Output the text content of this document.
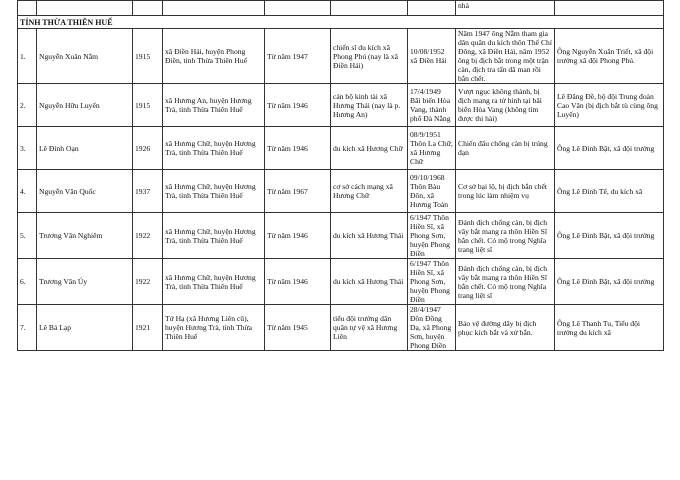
							nhà	
TỈNH THỪA THIÊN HUẾ								
1.	Nguyễn Xuân Nẫm	1915	xã Điền Hải, huyện Phong Điền, tỉnh Thừa Thiên Huế	Từ năm 1947	chiến sĩ du kích xã Phong Phú (nay là xã Điền Hải)	10/08/1952 xã Điền Hải	Năm 1947 ông Nẫm tham gia dân quân du kích thôn Thế Chí Đông, xã Điền Hải, năm 1952 ông bị địch bắt trong một trận càn, địch tra tấn dã man rồi bắn chết.	Ông Nguyễn Xuân Triết, xã đội trưởng xã đội Phong Phú.
2.	Nguyễn Hữu Luyến	1915	xã Hương An, huyện Hương Trà, tỉnh Thừa Thiên Huế	Từ năm 1946	cán bộ kinh tài xã Hương Thái (nay là p. Hương An)	17/4/1949 Bãi biển Hòa Vang, thành phố Đà Nẵng	Vượt ngục không thành, bị địch mang ra tử hình tại bãi biển Hòa Vang (không tìm được thi hài)	Lê Đăng Đề, bộ đội Trung đoàn Cao Vân (bị địch bắt tù cùng ông Luyến)
3.	Lê Đình Oạn	1926	xã Hương Chữ, huyện Hương Trà, tỉnh Thừa Thiên Huế	Từ năm 1946	du kích xã Hương Chữ	08/9/1951 Thôn La Chữ, xã Hương Chữ	Chiến đấu chống càn bị trúng đạn	Ông Lê Đình Bật, xã đội trưởng
4.	Nguyễn Văn Quốc	1937	xã Hương Chữ, huyện Hương Trà, tỉnh Thừa Thiên Huế	Từ năm 1967	cơ sở cách mạng xã Hương Chữ	09/10/1968 Thôn Bàu Đôn, xã Hương Toàn	Cơ sở bại lộ, bị địch bắn chết trong lúc làm nhiệm vụ	Ông Lê Đình Tể, du kích xã
5.	Trương Văn Nghiêm	1922	xã Hương Chữ, huyện Hương Trà, tỉnh Thừa Thiên Huế	Từ năm 1946	du kích xã Hương Thái	6/1947 Thôn Hiền Sĩ, xã Phong Sơn, huyện Phong Điền	Đánh địch chống càn, bị địch vây bắt mang ra thôn Hiền Sĩ bắn chết. Có mộ trong Nghĩa trang liệt sĩ	Ông Lê Đình Bật, xã đội trưởng
6.	Trương Văn Úy	1922	xã Hương Chữ, huyện Hương Trà, tỉnh Thừa Thiên Huế	Từ năm 1946	du kích xã Hương Thái	6/1947 Thôn Hiền Sĩ, xã Phong Sơn, huyện Phong Điền	Đánh địch chống càn, bị địch vây bắt mang ra thôn Hiền Sĩ bắn chết. Có mộ trong Nghĩa trang liệt sĩ	Ông Lê Đình Bật, xã đội trưởng
7.	Lê Bá Lạp	1921	Tứ Hạ (xã Hương Liên cũ), huyện Hương Trà, tỉnh Thừa Thiên Huế	Từ năm 1945	tiểu đội trưởng dân quân tự vệ xã Hương Liên	28/4/1947 Đồn Đồng Dạ, xã Phong Sơn, huyện Phong Điền	Bảo vệ đường dây bị địch phục kích bắt và xử bắn.	Ông Lê Thanh Tu, Tiểu đội trưởng du kích xã
